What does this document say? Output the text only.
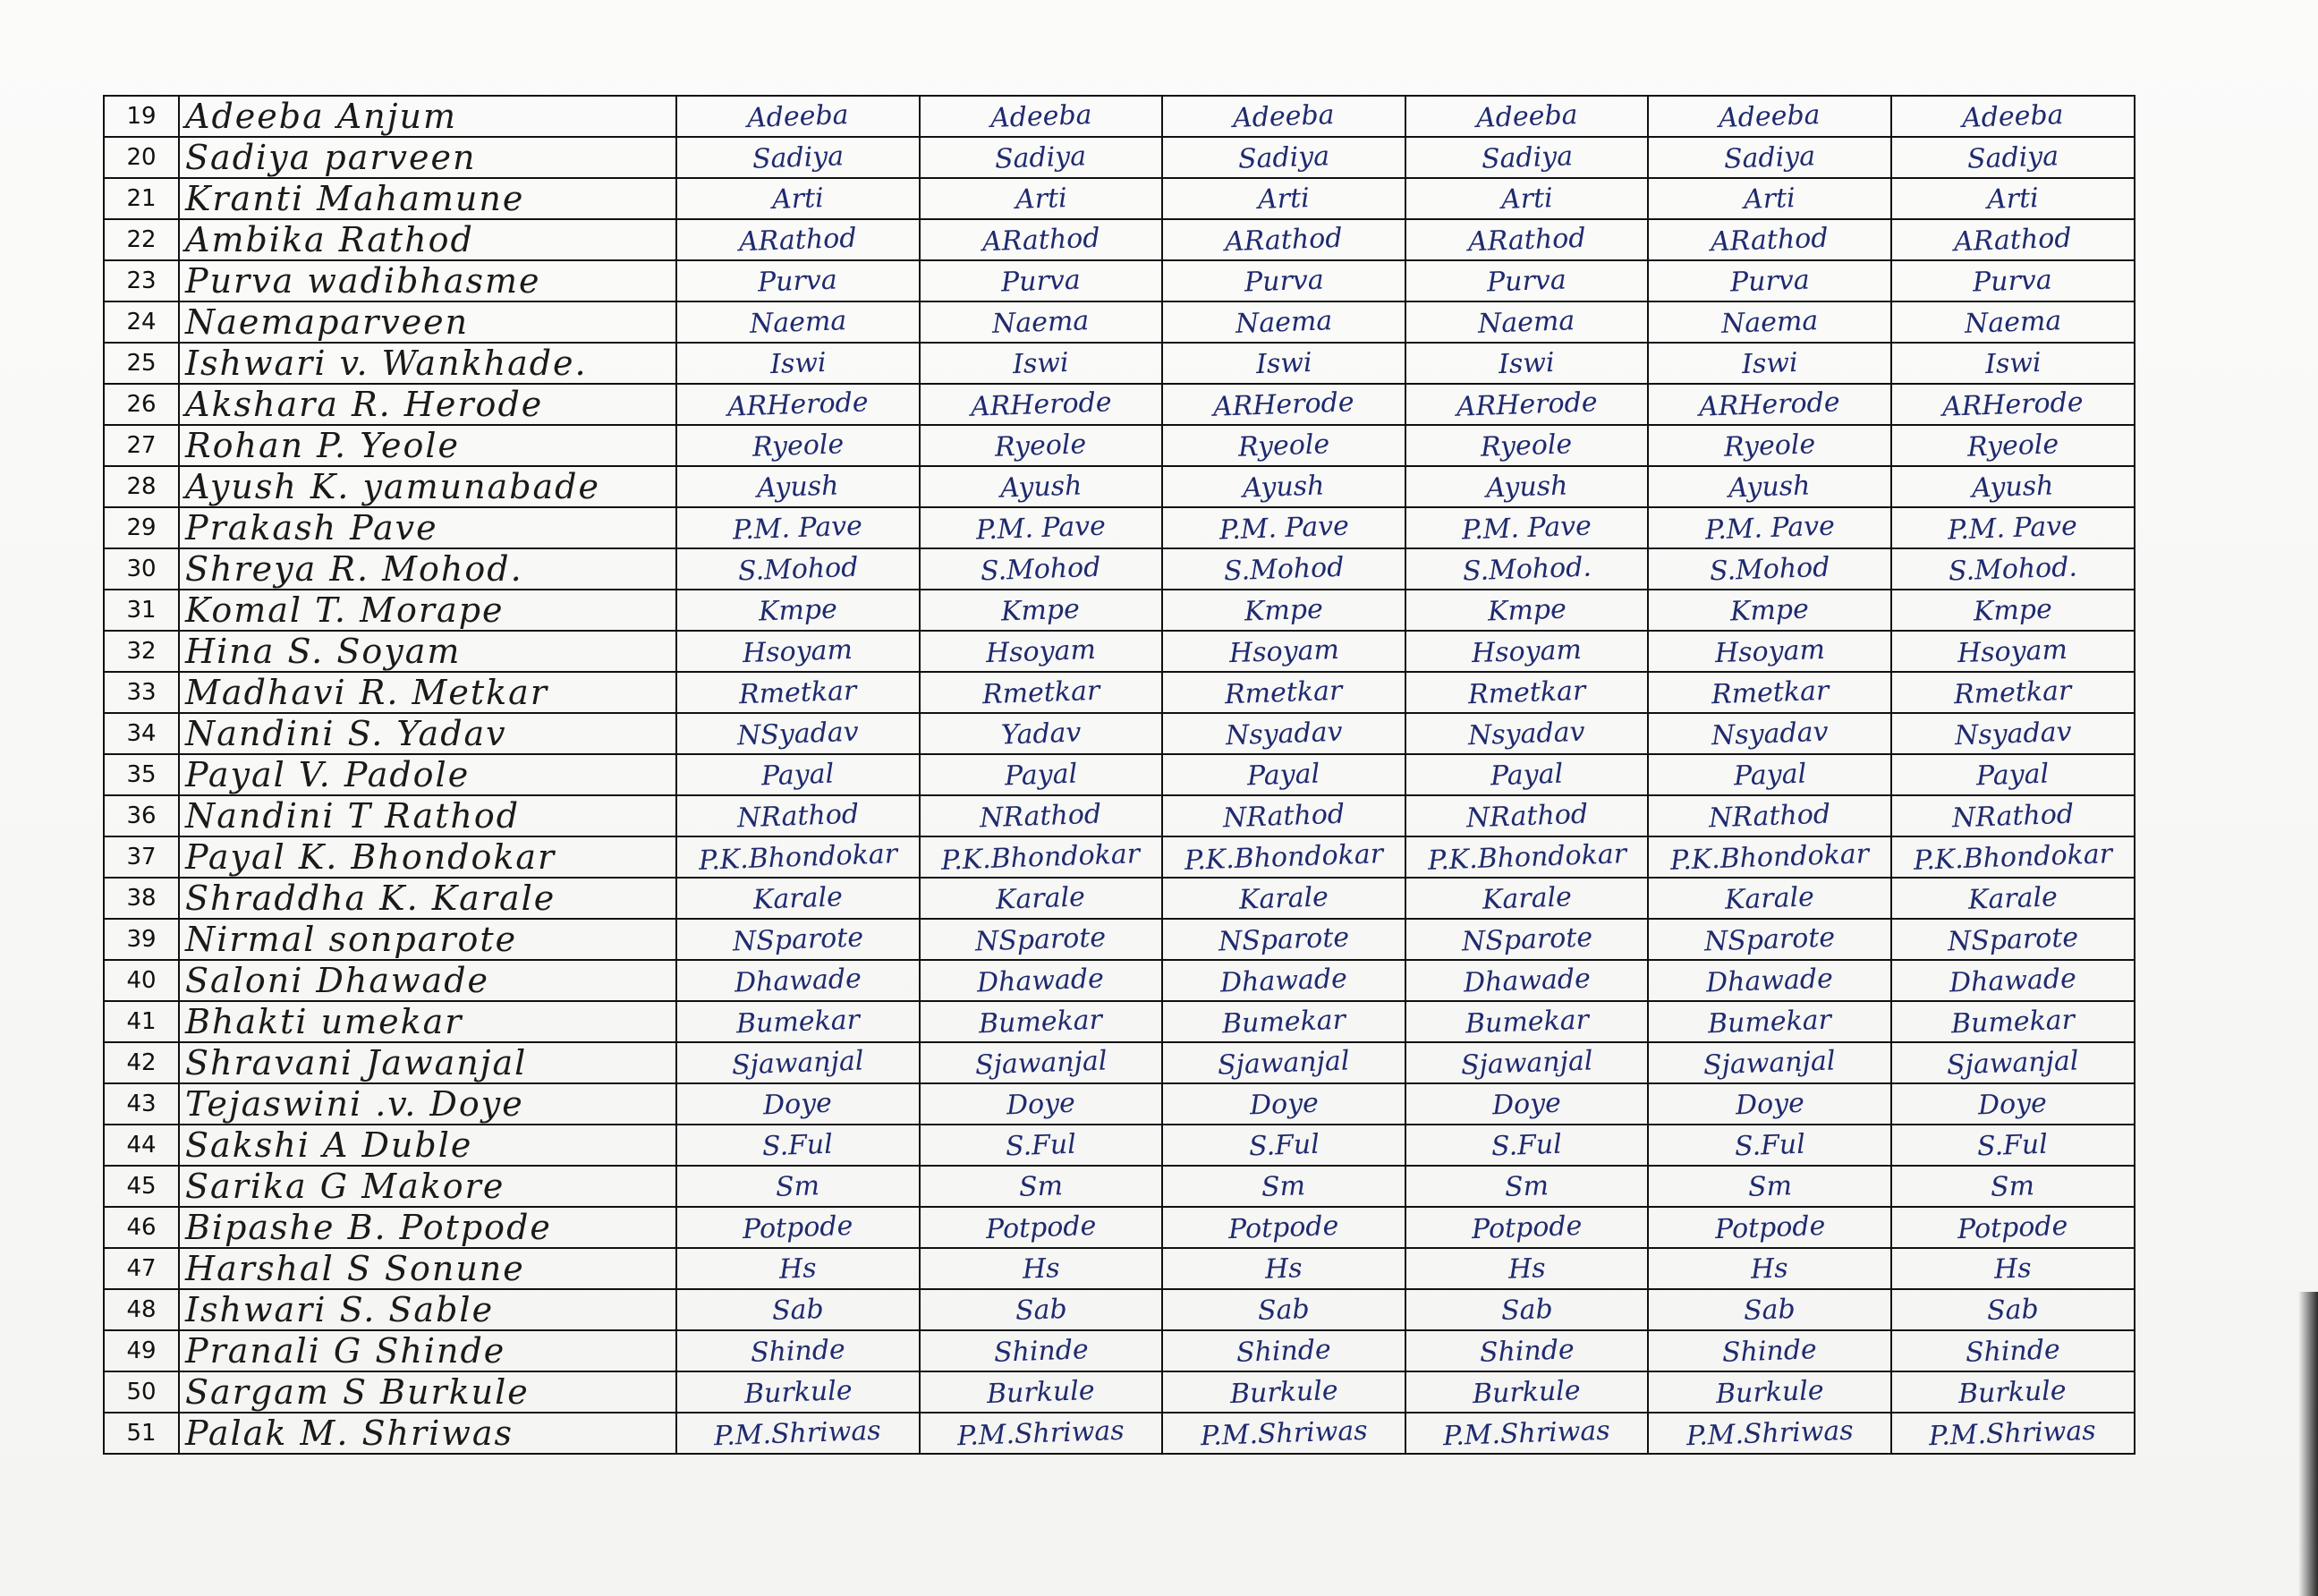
19	Adeeba Anjum	Adeeba	Adeeba	Adeeba	Adeeba	Adeeba	Adeeba
20	Sadiya parveen	Sadiya	Sadiya	Sadiya	Sadiya	Sadiya	Sadiya
21	Kranti Mahamune	Arti	Arti	Arti	Arti	Arti	Arti
22	Ambika Rathod	ARathod	ARathod	ARathod	ARathod	ARathod	ARathod
23	Purva wadibhasme	Purva	Purva	Purva	Purva	Purva	Purva
24	Naemaparveen	Naema	Naema	Naema	Naema	Naema	Naema
25	Ishwari v. Wankhade.	Iswi	Iswi	Iswi	Iswi	Iswi	Iswi
26	Akshara R. Herode	ARHerode	ARHerode	ARHerode	ARHerode	ARHerode	ARHerode
27	Rohan P. Yeole	Ryeole	Ryeole	Ryeole	Ryeole	Ryeole	Ryeole
28	Ayush K. yamunabade	Ayush	Ayush	Ayush	Ayush	Ayush	Ayush
29	Prakash Pave	P.M. Pave	P.M. Pave	P.M. Pave	P.M. Pave	P.M. Pave	P.M. Pave
30	Shreya R. Mohod.	S.Mohod	S.Mohod	S.Mohod	S.Mohod.	S.Mohod	S.Mohod.
31	Komal T. Morape	Kmpe	Kmpe	Kmpe	Kmpe	Kmpe	Kmpe
32	Hina S. Soyam	Hsoyam	Hsoyam	Hsoyam	Hsoyam	Hsoyam	Hsoyam
33	Madhavi R. Metkar	Rmetkar	Rmetkar	Rmetkar	Rmetkar	Rmetkar	Rmetkar
34	Nandini S. Yadav	NSyadav	Yadav	Nsyadav	Nsyadav	Nsyadav	Nsyadav
35	Payal V. Padole	Payal	Payal	Payal	Payal	Payal	Payal
36	Nandini T Rathod	NRathod	NRathod	NRathod	NRathod	NRathod	NRathod
37	Payal K. Bhondokar	P.K.Bhondokar	P.K.Bhondokar	P.K.Bhondokar	P.K.Bhondokar	P.K.Bhondokar	P.K.Bhondokar
38	Shraddha K. Karale	Karale	Karale	Karale	Karale	Karale	Karale
39	Nirmal sonparote	NSparote	NSparote	NSparote	NSparote	NSparote	NSparote
40	Saloni Dhawade	Dhawade	Dhawade	Dhawade	Dhawade	Dhawade	Dhawade
41	Bhakti umekar	Bumekar	Bumekar	Bumekar	Bumekar	Bumekar	Bumekar
42	Shravani Jawanjal	Sjawanjal	Sjawanjal	Sjawanjal	Sjawanjal	Sjawanjal	Sjawanjal
43	Tejaswini .v. Doye	Doye	Doye	Doye	Doye	Doye	Doye
44	Sakshi A Duble	S.Ful	S.Ful	S.Ful	S.Ful	S.Ful	S.Ful
45	Sarika G Makore	Sm	Sm	Sm	Sm	Sm	Sm
46	Bipashe B. Potpode	Potpode	Potpode	Potpode	Potpode	Potpode	Potpode
47	Harshal S Sonune	Hs	Hs	Hs	Hs	Hs	Hs
48	Ishwari S. Sable	Sab	Sab	Sab	Sab	Sab	Sab
49	Pranali G Shinde	Shinde	Shinde	Shinde	Shinde	Shinde	Shinde
50	Sargam S Burkule	Burkule	Burkule	Burkule	Burkule	Burkule	Burkule
51	Palak M. Shriwas	P.M.Shriwas	P.M.Shriwas	P.M.Shriwas	P.M.Shriwas	P.M.Shriwas	P.M.Shriwas
